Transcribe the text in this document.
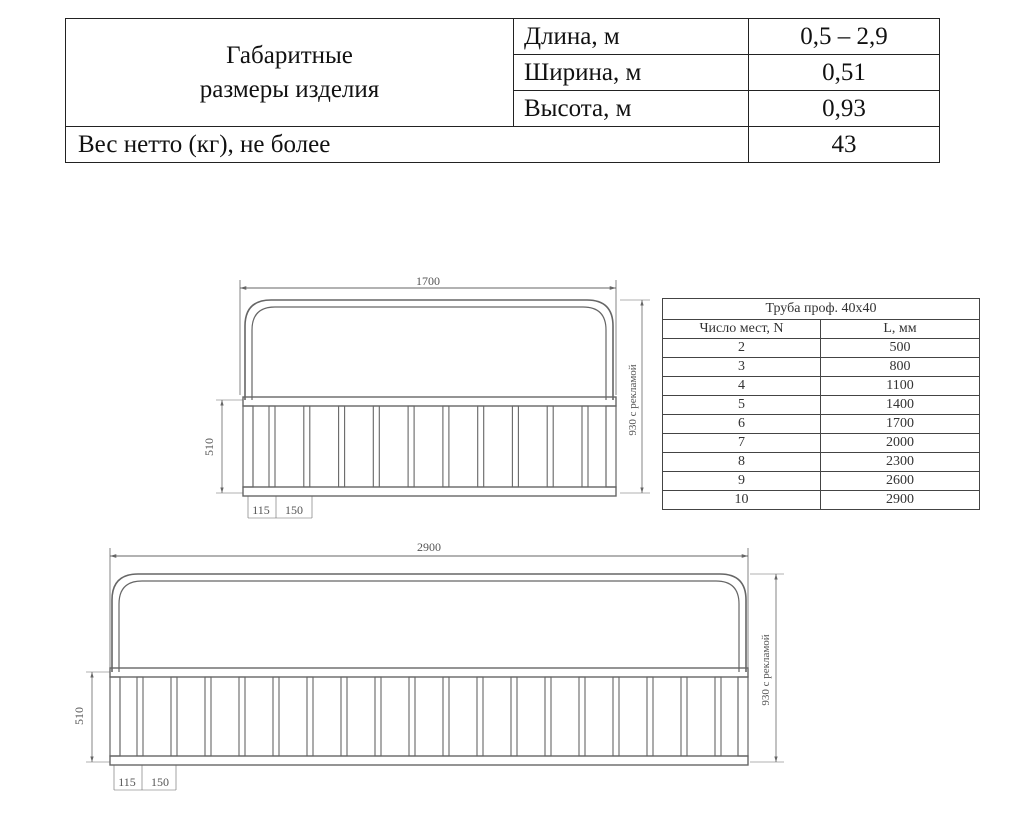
Габаритные
размеры изделия	Длина, м	0,5 – 2,9
	Ширина, м	0,51
	Высота, м	0,93
Вес нетто (кг), не более		43
Труба проф. 40х40	
Число мест, N	L, мм
2	500
3	800
4	1100
5	1400
6	1700
7	2000
8	2300
9	2600
10	2900
1700
510
930 с рекламой
115 150
2900
510
930 с рекламой
115 150
